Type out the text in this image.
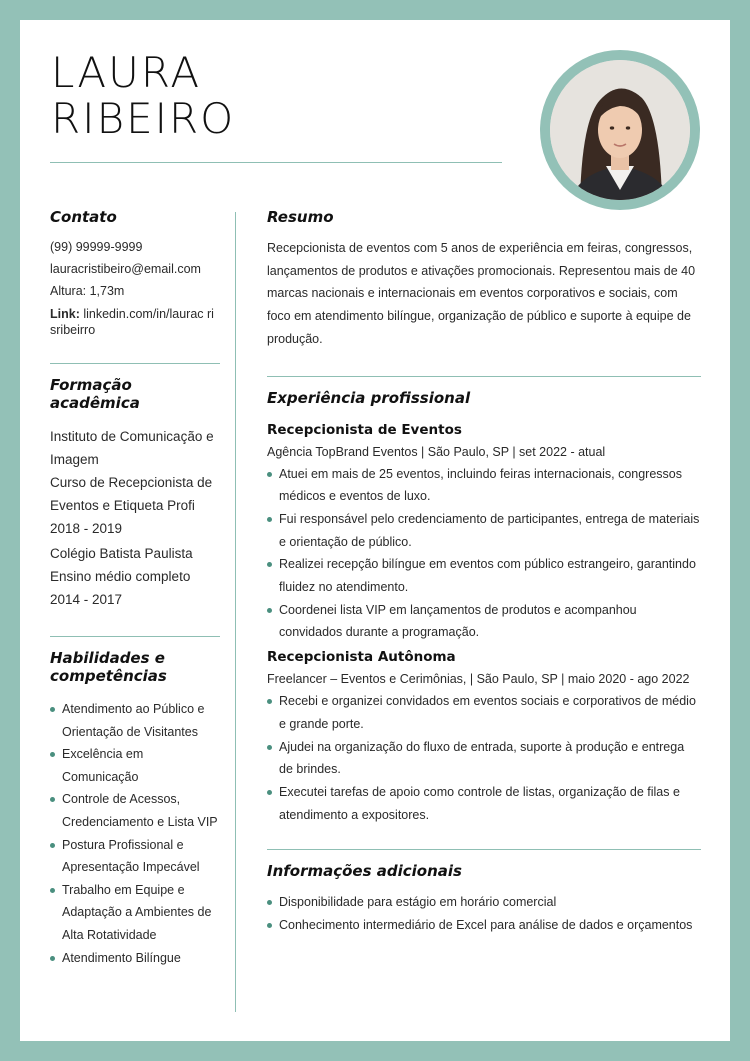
LAURA
RIBEIRO
Contato
(99) 99999-9999
lauracristibeiro@email.com
Altura: 1,73m
Link: linkedin.com/in/laurac risribeirro
Formação acadêmica
Instituto de Comunicação e Imagem
Curso de Recepcionista de Eventos e Etiqueta Profi
2018 - 2019
Colégio Batista Paulista
Ensino médio completo
2014 - 2017
Habilidades e competências
Atendimento ao Público e Orientação de Visitantes
Excelência em Comunicação
Controle de Acessos, Credenciamento e Lista VIP
Postura Profissional e Apresentação Impecável
Trabalho em Equipe e Adaptação a Ambientes de Alta Rotatividade
Atendimento Bilíngue
Resumo

Recepcionista de eventos com 5 anos de experiência em feiras, congressos, lançamentos de produtos e ativações promocionais. Representou mais de 40 marcas nacionais e internacionais em eventos corporativos e sociais, com foco em atendimento bilíngue, organização de público e suporte à equipe de produção.

Experiência profissional
Recepcionista de Eventos
Agência TopBrand Eventos | São Paulo, SP | set 2022 - atual
Atuei em mais de 25 eventos, incluindo feiras internacionais, congressos médicos e eventos de luxo.
Fui responsável pelo credenciamento de participantes, entrega de materiais e orientação de público.
Realizei recepção bilíngue em eventos com público estrangeiro, garantindo fluidez no atendimento.
Coordenei lista VIP em lançamentos de produtos e acompanhou convidados durante a programação.
Recepcionista Autônoma
Freelancer – Eventos e Cerimônias, | São Paulo, SP | maio 2020 - ago 2022
Recebi e organizei convidados em eventos sociais e corporativos de médio e grande porte.
Ajudei na organização do fluxo de entrada, suporte à produção e entrega de brindes.
Executei tarefas de apoio como controle de listas, organização de filas e atendimento a expositores.
Informações adicionais
Disponibilidade para estágio em horário comercial
Conhecimento intermediário de Excel para análise de dados e orçamentos
